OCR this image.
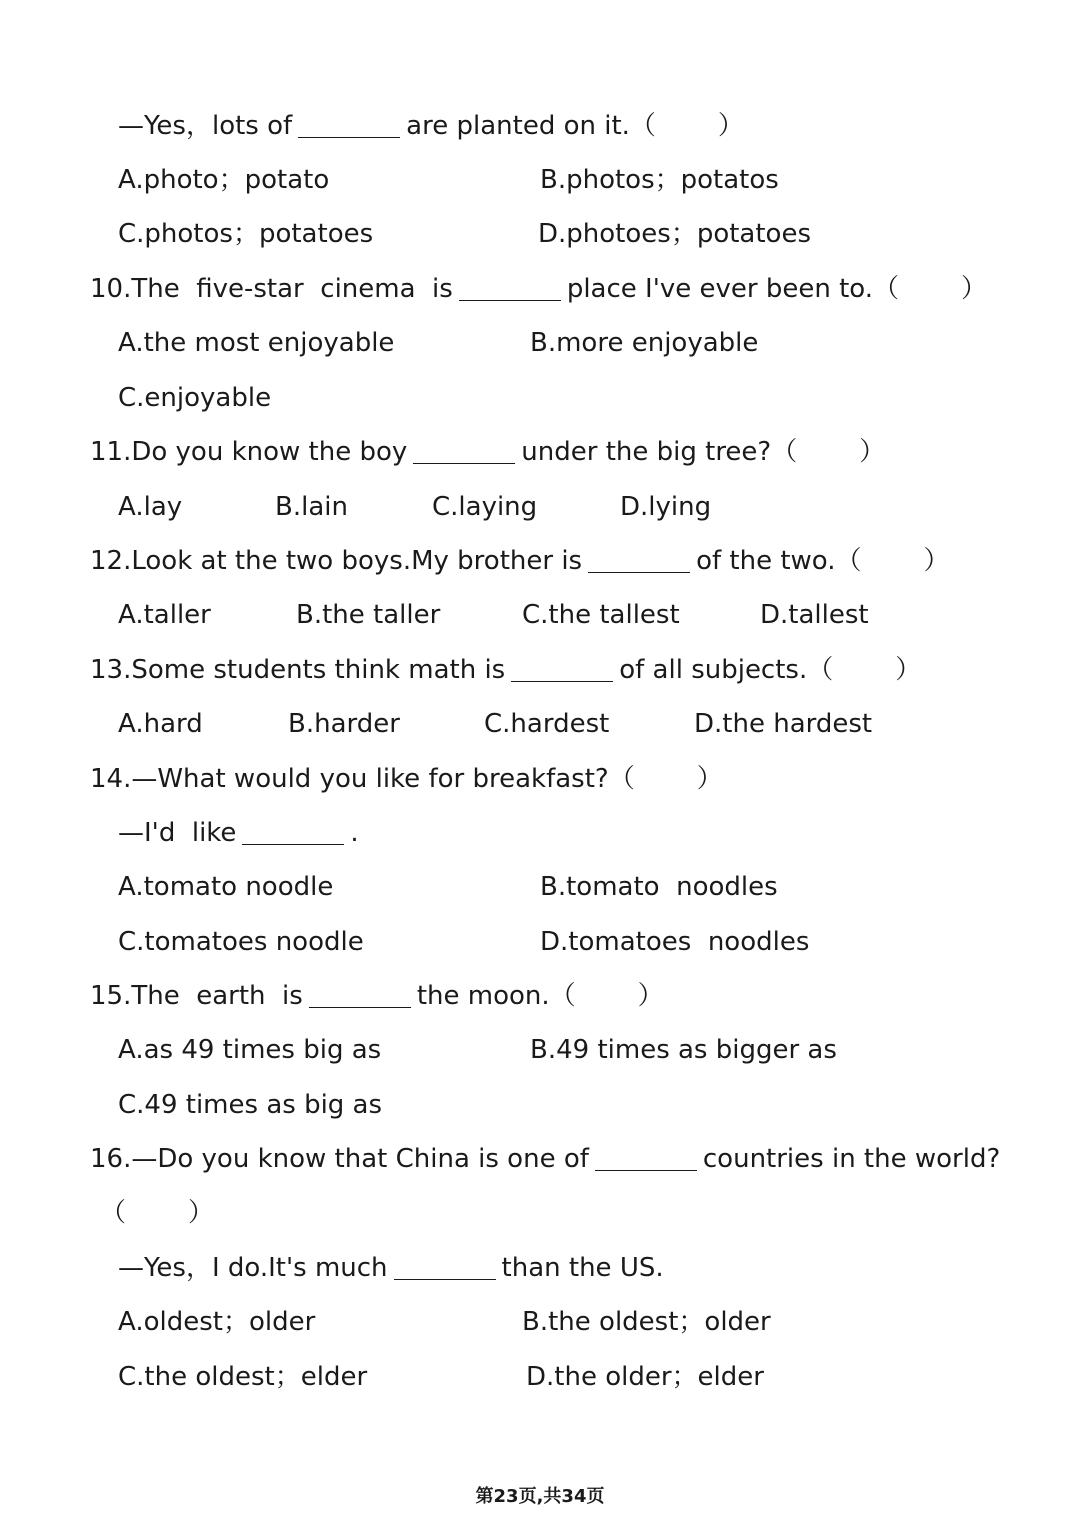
—Yes，lots of	are planted on it.（ ）
A.photo；potato	B.photos；potatos
C.photos；potatoes	D.photoes；potatoes
10.The  five-star  cinema  is	place I've ever been to.（ ）
A.the most enjoyable	B.more enjoyable
C.enjoyable
11.Do you know the boy	under the big tree?（ ）
A.lay	B.lain	C.laying	D.lying
12.Look at the two boys.My brother is	of the two.（ ）
A.taller	B.the taller	C.the tallest	D.tallest
13.Some students think math is	of all subjects.（ ）
A.hard	B.harder	C.hardest	D.the hardest
14.—What would you like for breakfast?（ ）
—I'd  like	.
A.tomato noodle	B.tomato  noodles
C.tomatoes noodle	D.tomatoes  noodles
15.The  earth  is	the moon.（ ）
A.as 49 times big as	B.49 times as bigger as
C.49 times as big as
16.—Do you know that China is one of	countries in the world?
（ ）
—Yes，I do.It's much	than the US.
A.oldest；older	B.the oldest；older
C.the oldest；elder	D.the older；elder
第23页,共34页
